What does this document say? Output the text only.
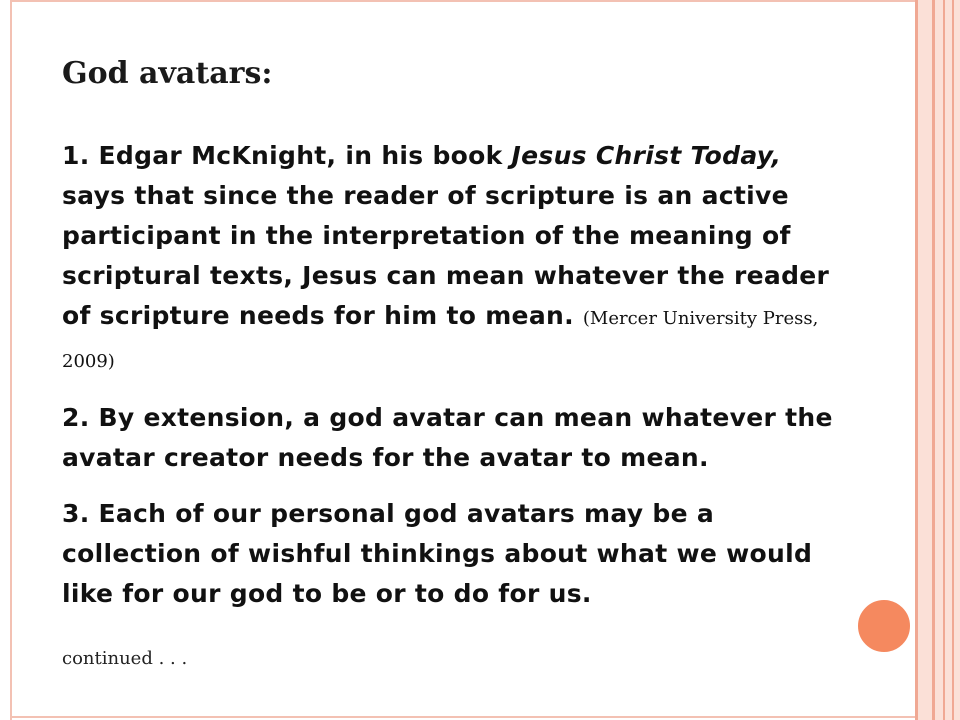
God avatars:

1. Edgar McKnight, in his book Jesus Christ Today, says that since the reader of scripture is an active participant in the interpretation of the meaning of scriptural texts, Jesus can mean whatever the reader of scripture needs for him to mean. (Mercer University Press, 2009)

2. By extension, a god avatar can mean whatever the avatar creator needs for the avatar to mean.

3. Each of our personal god avatars may be a collection of wishful thinkings about what we would like for our god to be or to do for us.

continued . . .
